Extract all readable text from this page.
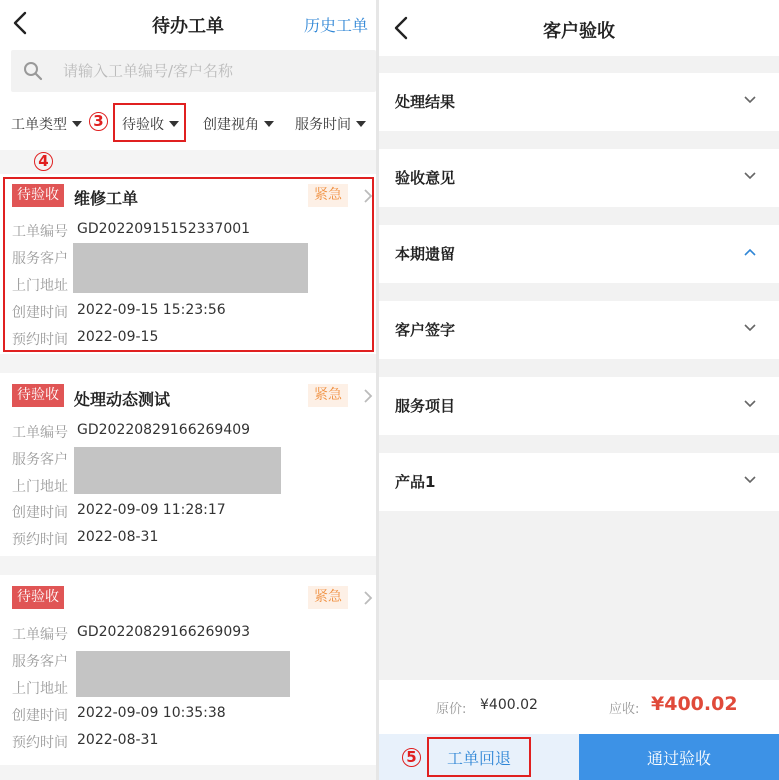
待办工单	历史工单
请输入工单编号/客户名称
工单类型	3	待验收	创建视角	服务时间
4
待验收 维修工单	紧急
工单编号 GD20220915152337001
服务客户
上门地址
创建时间 2022-09-15 15:23:56
预约时间 2022-09-15
待验收 处理动态测试	紧急
工单编号 GD20220829166269409
服务客户
上门地址
创建时间 2022-09-09 11:28:17
预约时间 2022-08-31
待验收	紧急
工单编号 GD20220829166269093
服务客户
上门地址
创建时间 2022-09-09 10:35:38
预约时间 2022-08-31
客户验收
处理结果
验收意见
本期遗留
客户签字
服务项目
产品1
原价: ¥400.02	应收: ¥400.02
工单回退	通过验收
5
